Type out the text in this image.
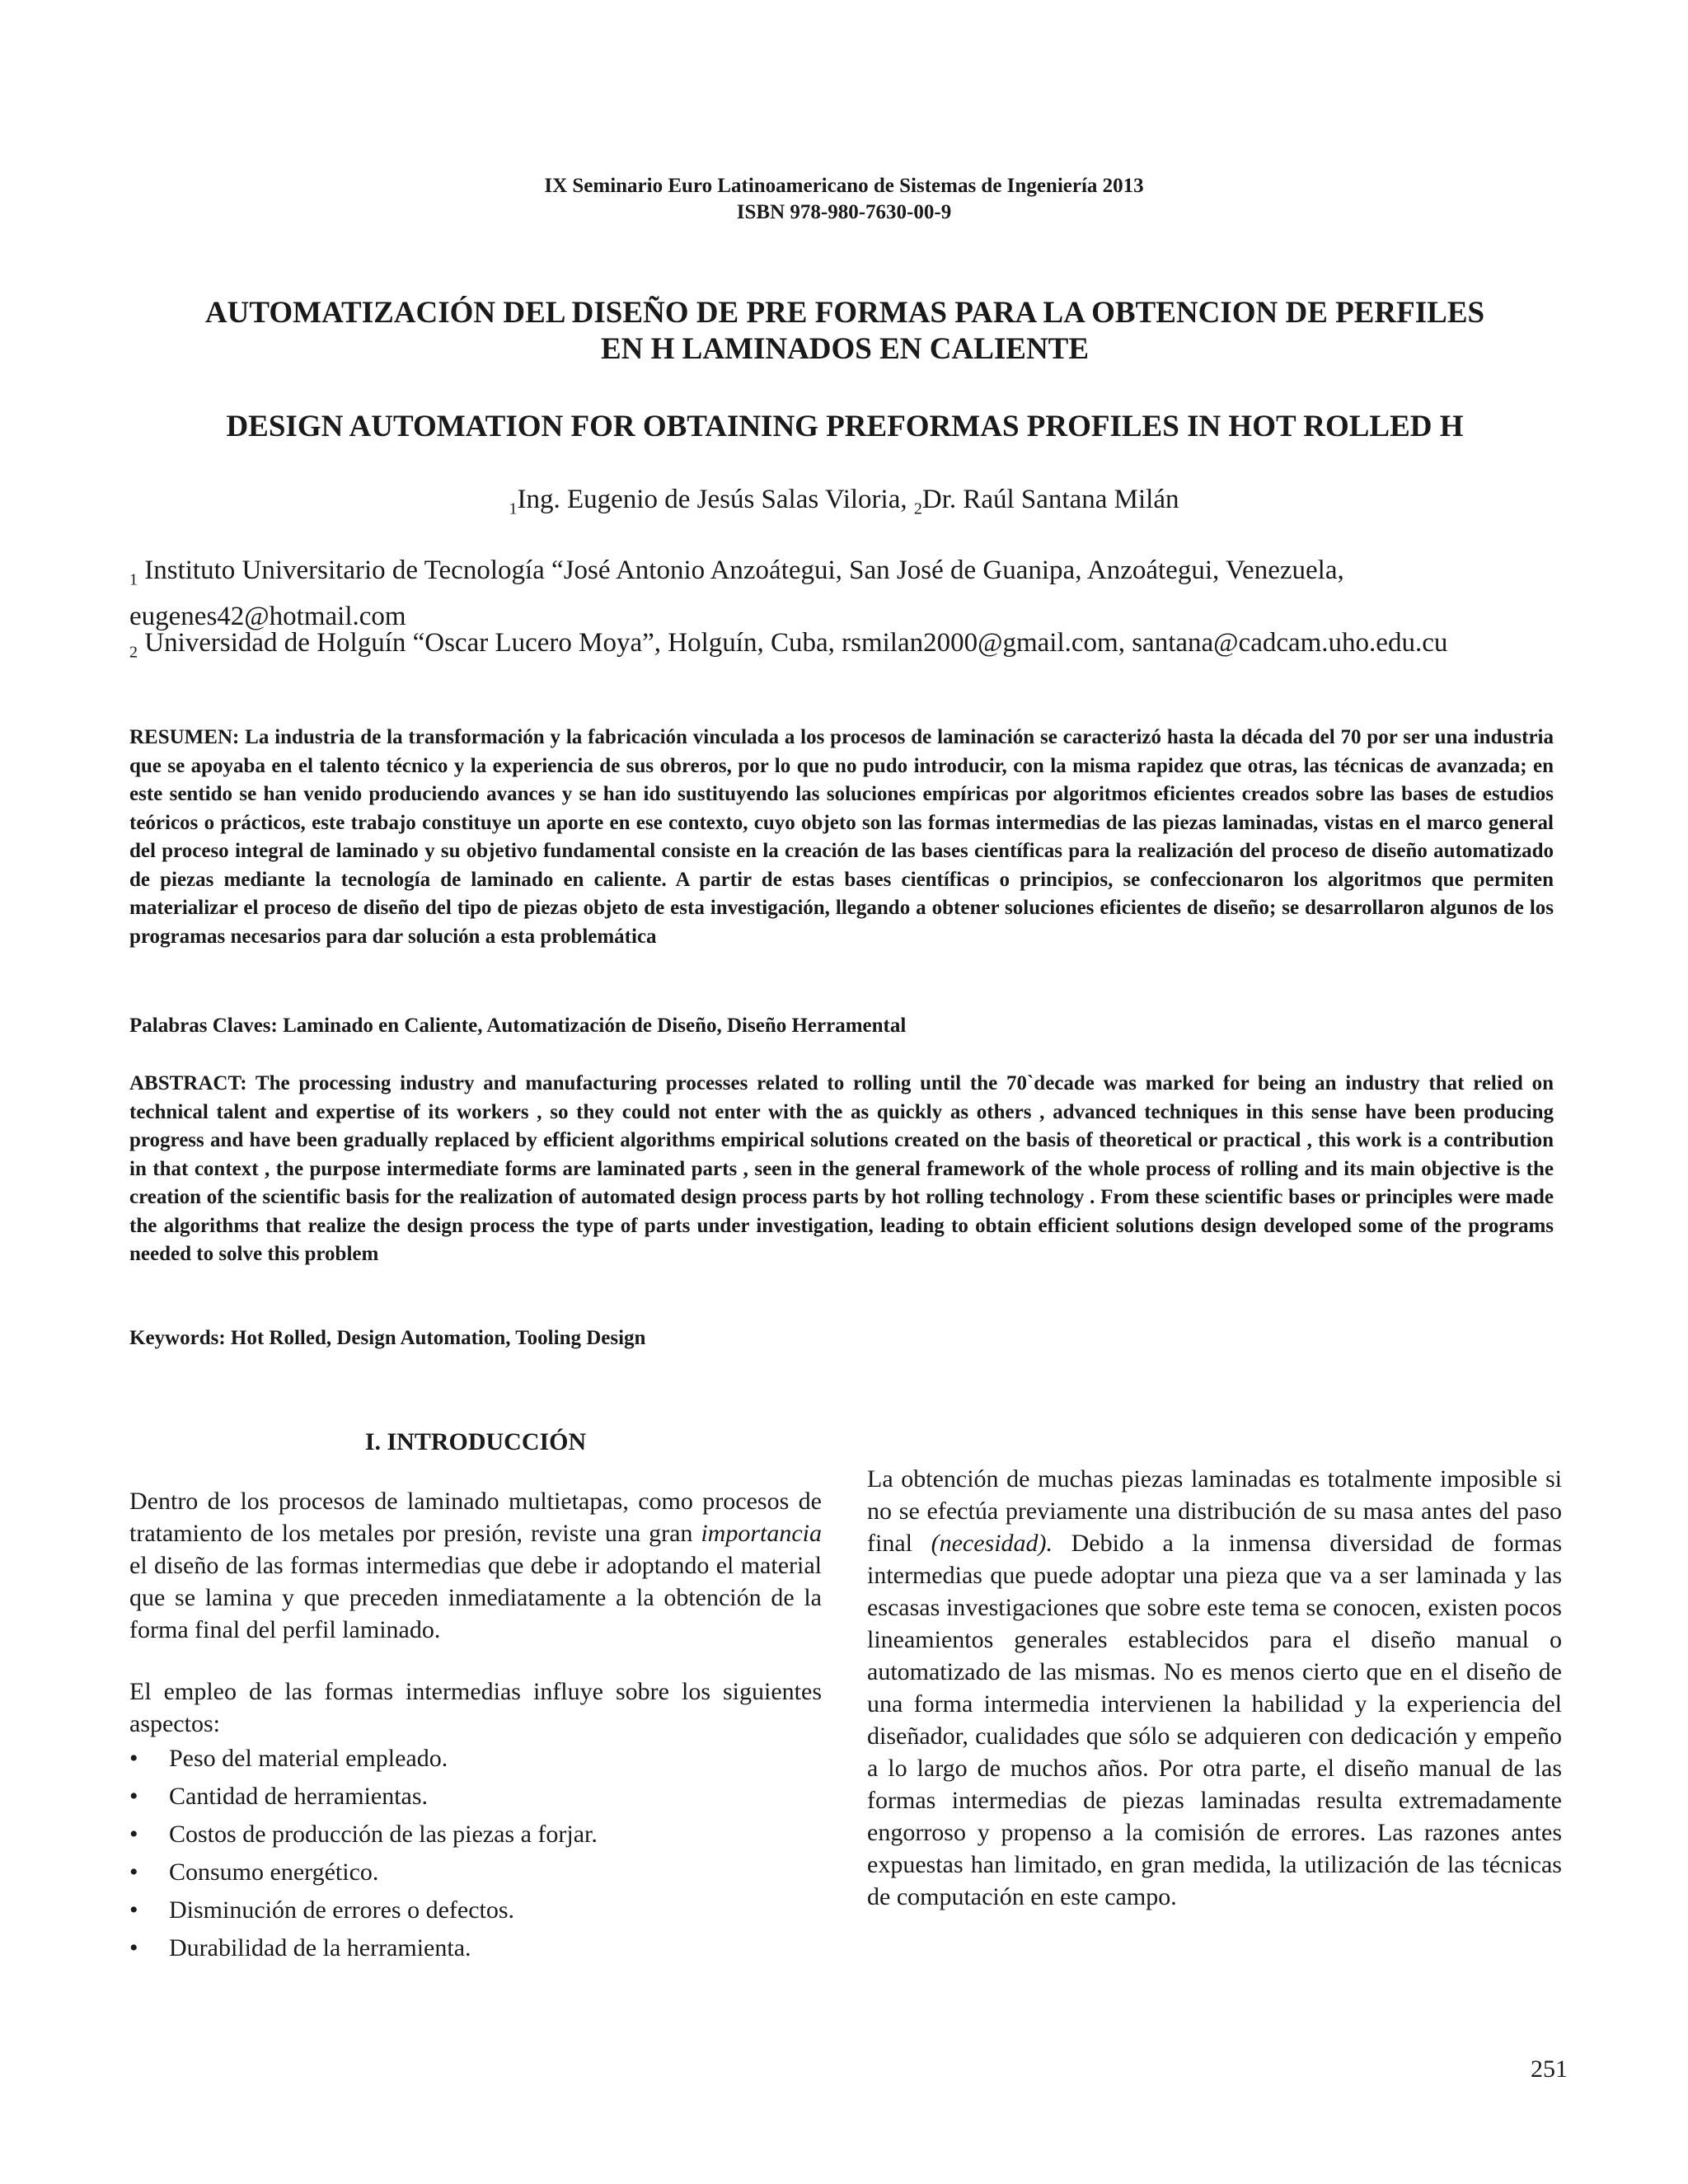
IX Seminario Euro Latinoamericano de Sistemas de Ingeniería 2013
ISBN 978-980-7630-00-9
AUTOMATIZACIÓN DEL DISEÑO DE PRE FORMAS PARA LA OBTENCION DE PERFILES
EN H LAMINADOS EN CALIENTE
DESIGN AUTOMATION FOR OBTAINING PREFORMAS PROFILES IN HOT ROLLED H
$_1$Ing. Eugenio de Jesús Salas Viloria, $_2$Dr. Raúl Santana Milán
$_1$ Instituto Universitario de Tecnología “José Antonio Anzoátegui, San José de Guanipa, Anzoátegui, Venezuela, eugenes42@hotmail.com
$_2$ Universidad de Holguín “Oscar Lucero Moya”, Holguín, Cuba, rsmilan2000@gmail.com, santana@cadcam.uho.edu.cu
RESUMEN: La industria de la transformación y la fabricación vinculada a los procesos de laminación se caracterizó hasta la década del 70 por ser una industria que se apoyaba en el talento técnico y la experiencia de sus obreros, por lo que no pudo introducir, con la misma rapidez que otras, las técnicas de avanzada; en este sentido se han venido produciendo avances y se han ido sustituyendo las soluciones empíricas por algoritmos eficientes creados sobre las bases de estudios teóricos o prácticos, este trabajo constituye un aporte en ese contexto, cuyo objeto son las formas intermedias de las piezas laminadas, vistas en el marco general del proceso integral de laminado y su objetivo fundamental consiste en la creación de las bases científicas para la realización del proceso de diseño automatizado de piezas mediante la tecnología de laminado en caliente. A partir de estas bases científicas o principios, se confeccionaron los algoritmos que permiten materializar el proceso de diseño del tipo de piezas objeto de esta investigación, llegando a obtener soluciones eficientes de diseño; se desarrollaron algunos de los programas necesarios para dar solución a esta problemática
Palabras Claves: Laminado en Caliente, Automatización de Diseño, Diseño Herramental
ABSTRACT: The processing industry and manufacturing processes related to rolling until the 70`decade was marked for being an industry that relied on technical talent and expertise of its workers , so they could not enter with the as quickly as others , advanced techniques in this sense have been producing progress and have been gradually replaced by efficient algorithms empirical solutions created on the basis of theoretical or practical , this work is a contribution in that context , the purpose intermediate forms are laminated parts , seen in the general framework of the whole process of rolling and its main objective is the creation of the scientific basis for the realization of automated design process parts by hot rolling technology . From these scientific bases or principles were made the algorithms that realize the design process the type of parts under investigation, leading to obtain efficient solutions design developed some of the programs needed to solve this problem
Keywords: Hot Rolled, Design Automation, Tooling Design
I. INTRODUCCIÓN
Dentro de los procesos de laminado multietapas, como procesos de tratamiento de los metales por presión, reviste una gran importancia el diseño de las formas intermedias que debe ir adoptando el material que se lamina y que preceden inmediatamente a la obtención de la forma final del perfil laminado.
El empleo de las formas intermedias influye sobre los siguientes aspectos:
• Peso del material empleado.
• Cantidad de herramientas.
• Costos de producción de las piezas a forjar.
• Consumo energético.
• Disminución de errores o defectos.
• Durabilidad de la herramienta.
La obtención de muchas piezas laminadas es totalmente imposible si no se efectúa previamente una distribución de su masa antes del paso final (necesidad). Debido a la inmensa diversidad de formas intermedias que puede adoptar una pieza que va a ser laminada y las escasas investigaciones que sobre este tema se conocen, existen pocos lineamientos generales establecidos para el diseño manual o automatizado de las mismas. No es menos cierto que en el diseño de una forma intermedia intervienen la habilidad y la experiencia del diseñador, cualidades que sólo se adquieren con dedicación y empeño a lo largo de muchos años. Por otra parte, el diseño manual de las formas intermedias de piezas laminadas resulta extremadamente engorroso y propenso a la comisión de errores. Las razones antes expuestas han limitado, en gran medida, la utilización de las técnicas de computación en este campo.
251
